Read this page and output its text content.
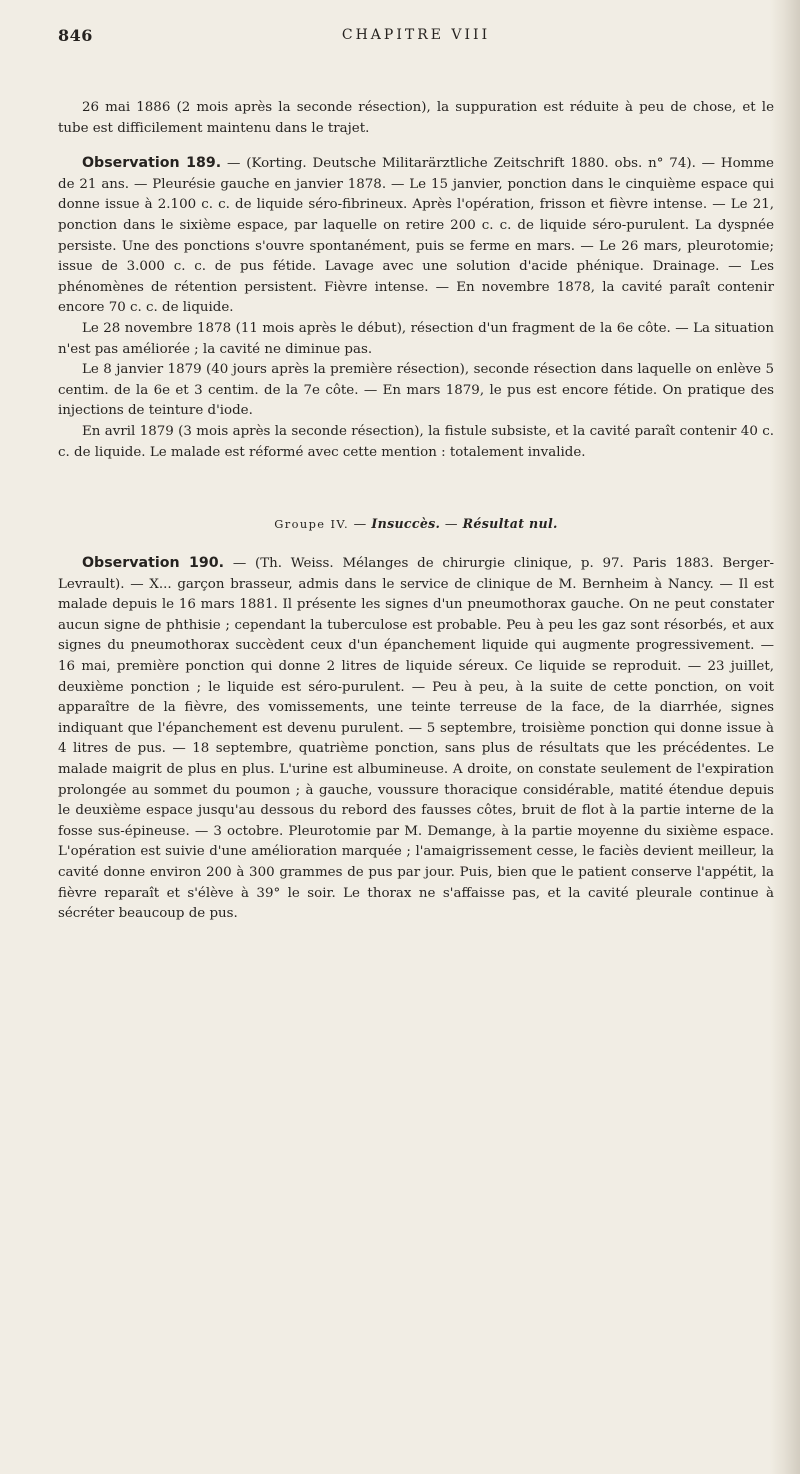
846	CHAPITRE VIII

26 mai 1886 (2 mois après la seconde résection), la suppuration est réduite à peu de chose, et le tube est difficilement maintenu dans le trajet.

Observation 189. — (Korting. Deutsche Militarärztliche Zeitschrift 1880. obs. n° 74). — Homme de 21 ans. — Pleurésie gauche en janvier 1878. — Le 15 janvier, ponction dans le cinquième espace qui donne issue à 2.100 c. c. de liquide séro-fibrineux. Après l'opération, frisson et fièvre intense. — Le 21, ponction dans le sixième espace, par laquelle on retire 200 c. c. de liquide séro-purulent. La dyspnée persiste. Une des ponctions s'ouvre spontanément, puis se ferme en mars. — Le 26 mars, pleurotomie; issue de 3.000 c. c. de pus fétide. Lavage avec une solution d'acide phénique. Drainage. — Les phénomènes de rétention persistent. Fièvre intense. — En novembre 1878, la cavité paraît contenir encore 70 c. c. de liquide.

Le 28 novembre 1878 (11 mois après le début), résection d'un fragment de la 6e côte. — La situation n'est pas améliorée ; la cavité ne diminue pas.

Le 8 janvier 1879 (40 jours après la première résection), seconde résection dans laquelle on enlève 5 centim. de la 6e et 3 centim. de la 7e côte. — En mars 1879, le pus est encore fétide. On pratique des injections de teinture d'iode.

En avril 1879 (3 mois après la seconde résection), la fistule subsiste, et la cavité paraît contenir 40 c. c. de liquide. Le malade est réformé avec cette mention : totalement invalide.

Groupe IV. — Insuccès. — Résultat nul.

Observation 190. — (Th. Weiss. Mélanges de chirurgie clinique, p. 97. Paris 1883. Berger-Levrault). — X... garçon brasseur, admis dans le service de clinique de M. Bernheim à Nancy. — Il est malade depuis le 16 mars 1881. Il présente les signes d'un pneumothorax gauche. On ne peut constater aucun signe de phthisie ; cependant la tuberculose est probable. Peu à peu les gaz sont résorbés, et aux signes du pneumothorax succèdent ceux d'un épanchement liquide qui augmente progressivement. — 16 mai, première ponction qui donne 2 litres de liquide séreux. Ce liquide se reproduit. — 23 juillet, deuxième ponction ; le liquide est séro-purulent. — Peu à peu, à la suite de cette ponction, on voit apparaître de la fièvre, des vomissements, une teinte terreuse de la face, de la diarrhée, signes indiquant que l'épanchement est devenu purulent. — 5 septembre, troisième ponction qui donne issue à 4 litres de pus. — 18 septembre, quatrième ponction, sans plus de résultats que les précédentes. Le malade maigrit de plus en plus. L'urine est albumineuse. A droite, on constate seulement de l'expiration prolongée au sommet du poumon ; à gauche, voussure thoracique considérable, matité étendue depuis le deuxième espace jusqu'au dessous du rebord des fausses côtes, bruit de flot à la partie interne de la fosse sus-épineuse. — 3 octobre. Pleurotomie par M. Demange, à la partie moyenne du sixième espace. L'opération est suivie d'une amélioration marquée ; l'amaigrissement cesse, le faciès devient meilleur, la cavité donne environ 200 à 300 grammes de pus par jour. Puis, bien que le patient conserve l'appétit, la fièvre reparaît et s'élève à 39° le soir. Le thorax ne s'affaisse pas, et la cavité pleurale continue à sécréter beaucoup de pus.
